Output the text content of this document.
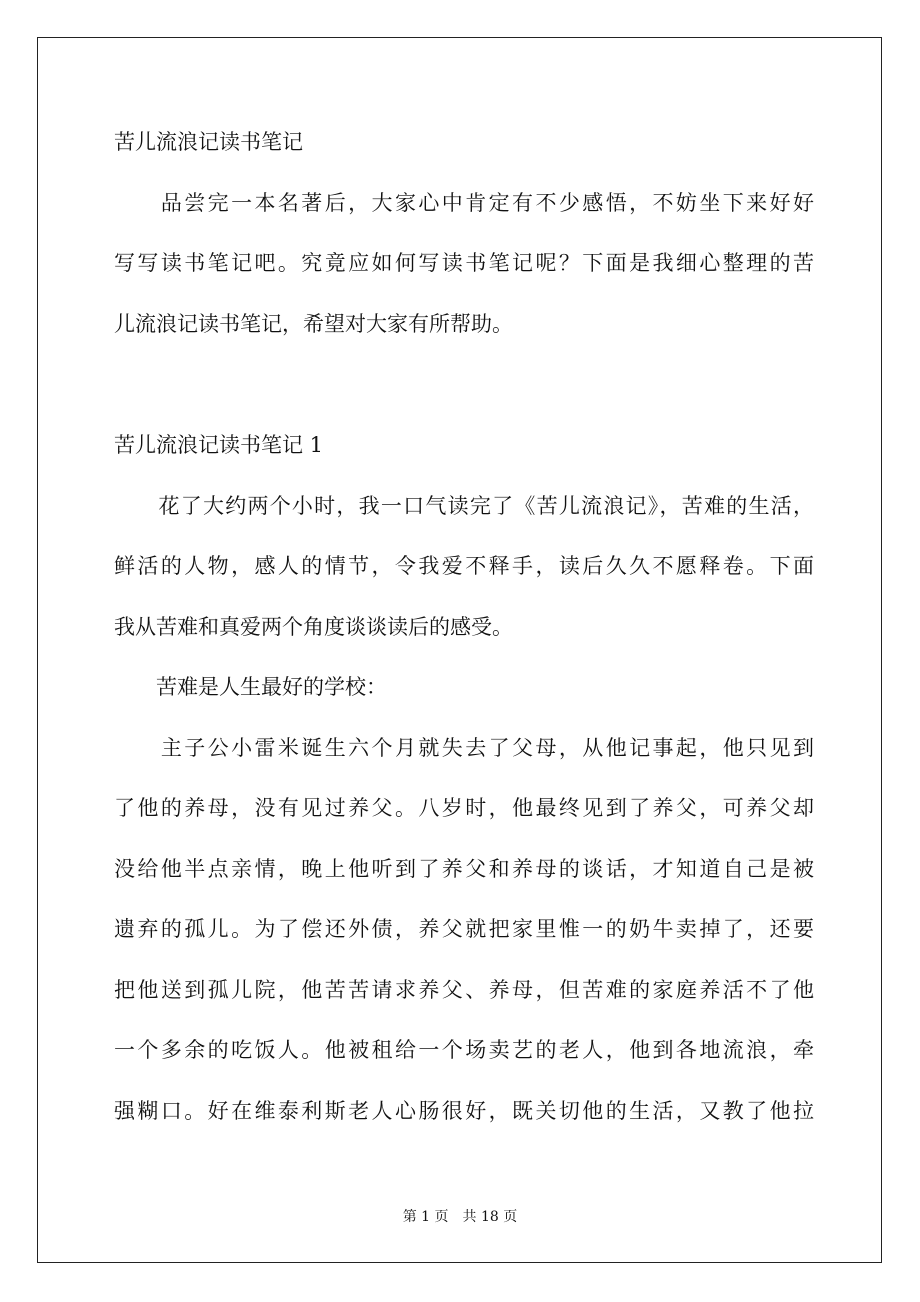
苦儿流浪记读书笔记
　　品尝完一本名著后，大家心中肯定有不少感悟，不妨坐下来好好
写写读书笔记吧。究竟应如何写读书笔记呢？下面是我细心整理的苦
儿流浪记读书笔记，希望对大家有所帮助。
苦儿流浪记读书笔记 1
　　花了大约两个小时，我一口气读完了《苦儿流浪记》，苦难的生活，
鲜活的人物，感人的情节，令我爱不释手，读后久久不愿释卷。下面
我从苦难和真爱两个角度谈谈读后的感受。
　　苦难是人生最好的学校：
　　主子公小雷米诞生六个月就失去了父母，从他记事起，他只见到
了他的养母，没有见过养父。八岁时，他最终见到了养父，可养父却
没给他半点亲情，晚上他听到了养父和养母的谈话，才知道自己是被
遗弃的孤儿。为了偿还外债，养父就把家里惟一的奶牛卖掉了，还要
把他送到孤儿院，他苦苦请求养父、养母，但苦难的家庭养活不了他
一个多余的吃饭人。他被租给一个场卖艺的老人，他到各地流浪，牵
强糊口。好在维泰利斯老人心肠很好，既关切他的生活，又教了他拉
第 1 页 共 18 页
